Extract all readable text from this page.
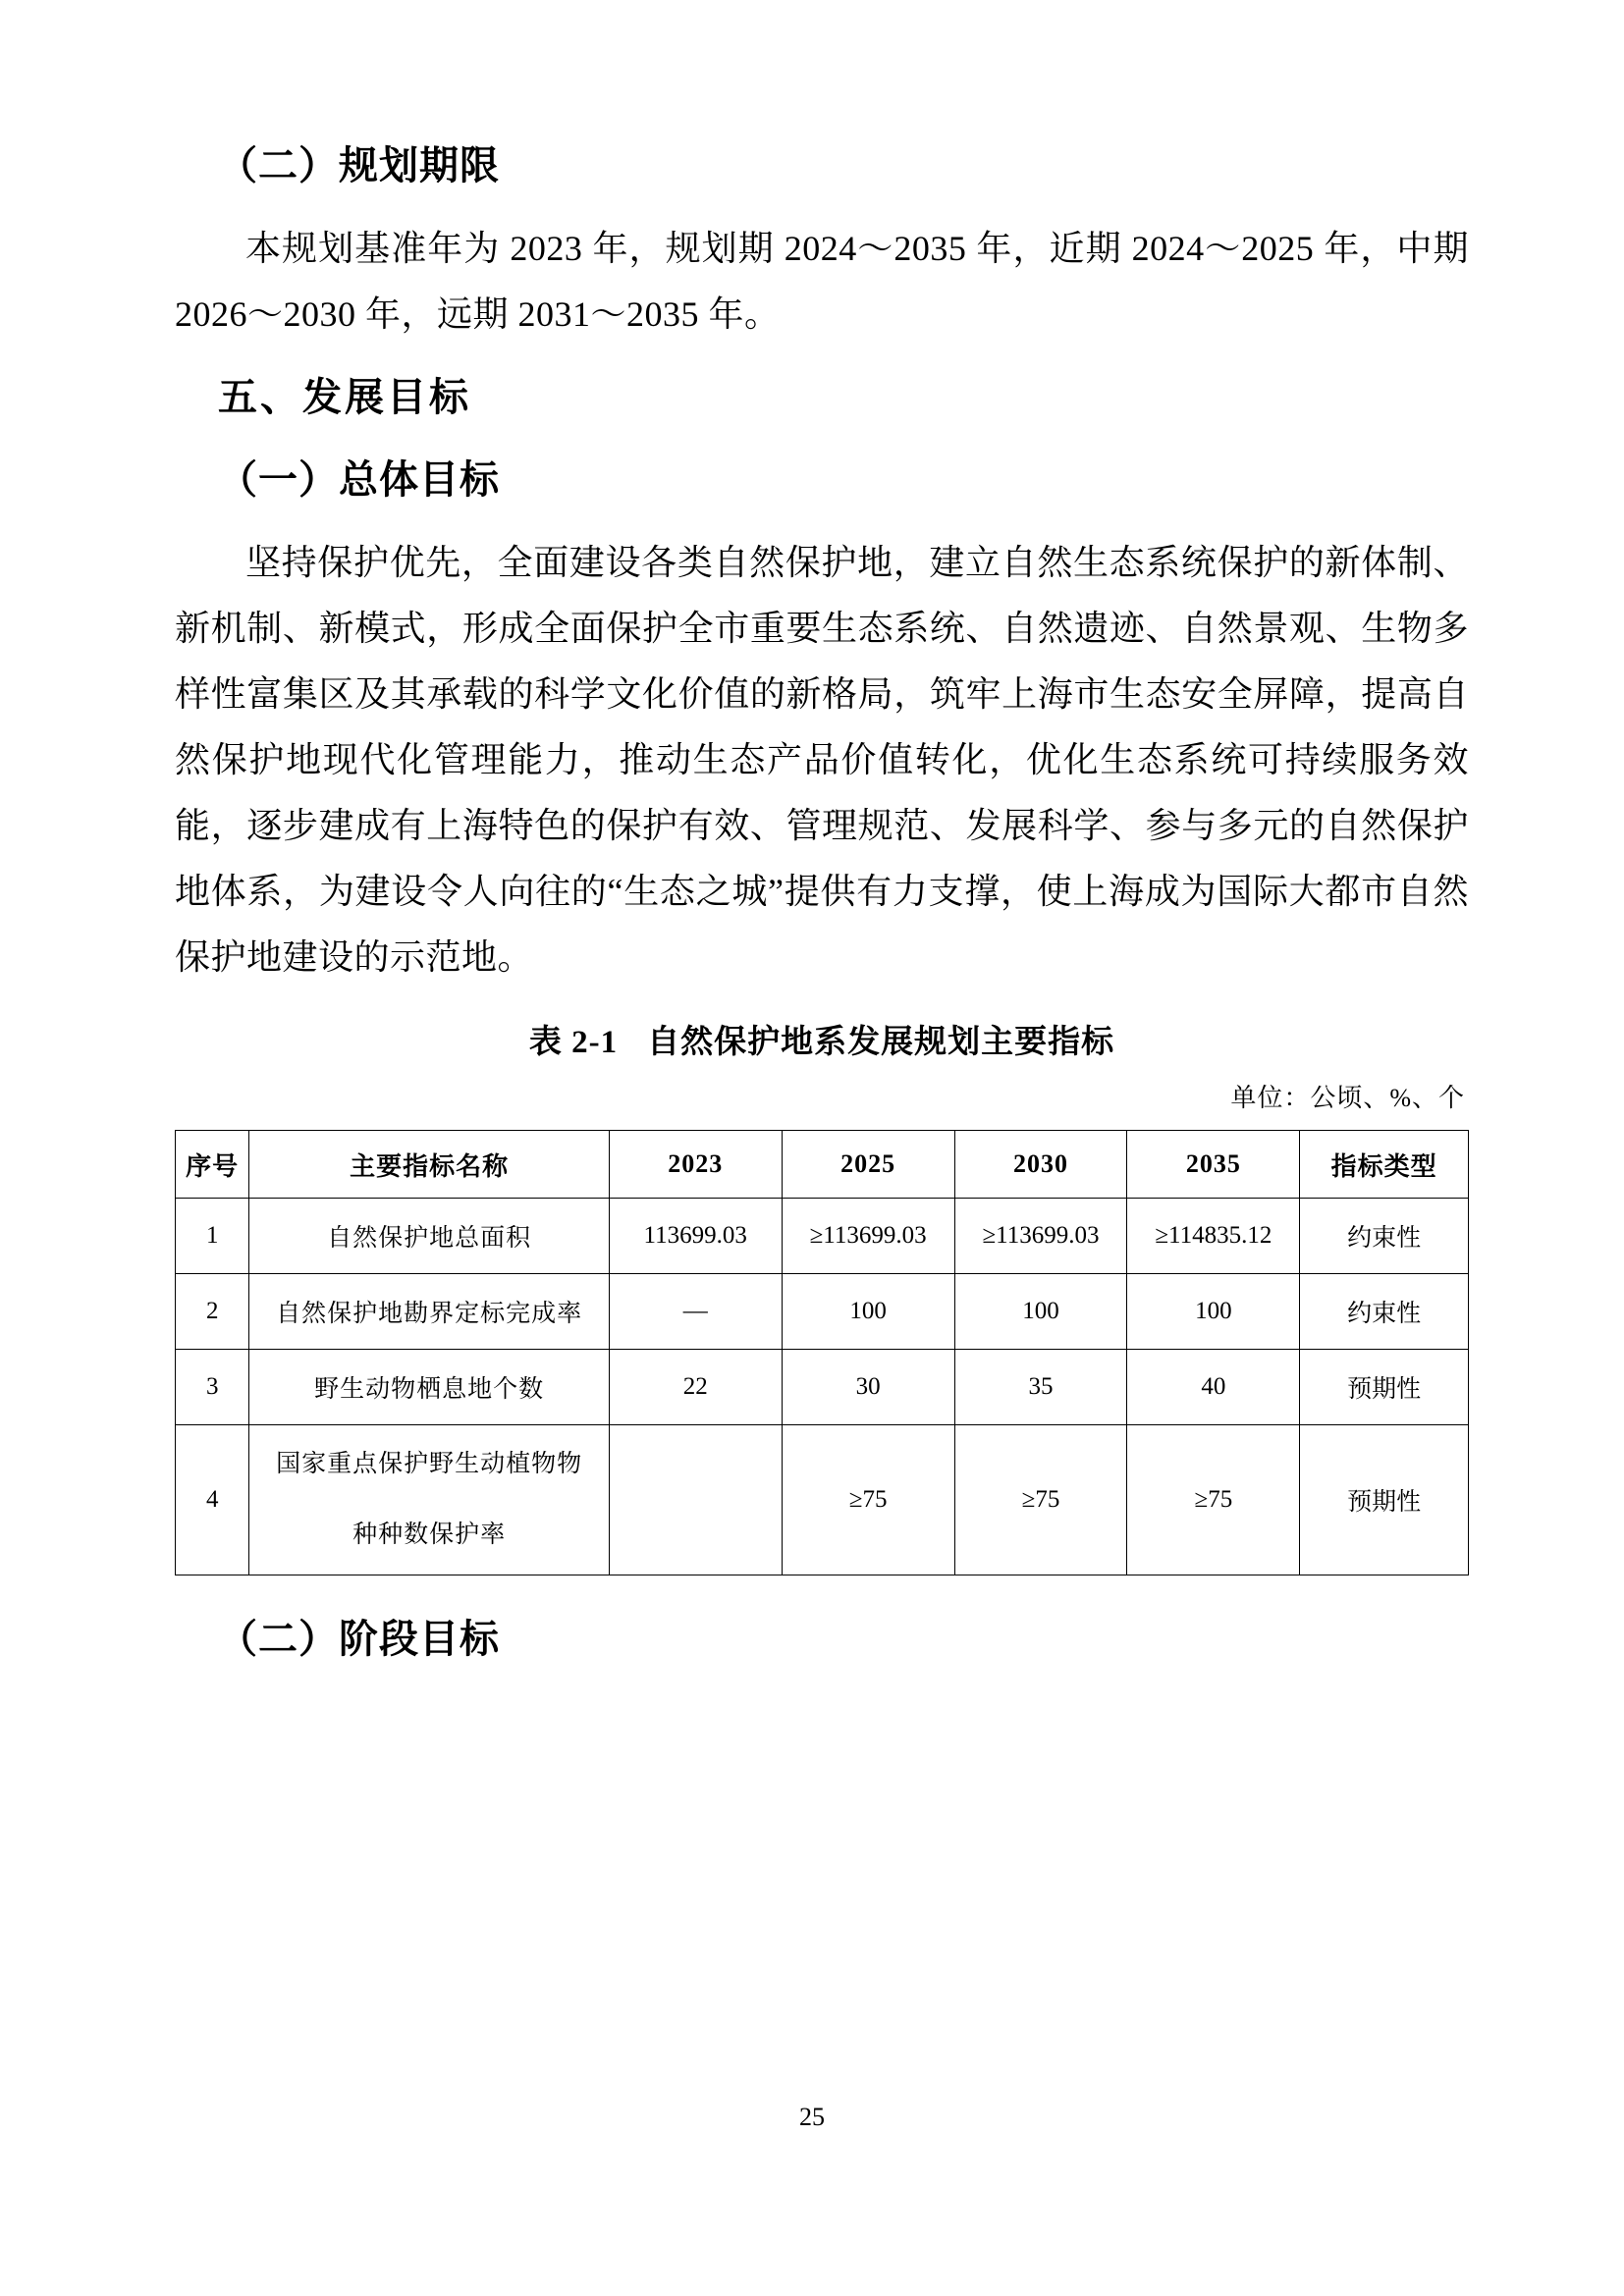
（二）规划期限

本规划基准年为 2023 年，规划期 2024～2035 年，近期 2024～2025 年，中期 2026～2030 年，远期 2031～2035 年。

五、发展目标
（一）总体目标

坚持保护优先，全面建设各类自然保护地，建立自然生态系统保护的新体制、新机制、新模式，形成全面保护全市重要生态系统、自然遗迹、自然景观、生物多样性富集区及其承载的科学文化价值的新格局，筑牢上海市生态安全屏障，提高自然保护地现代化管理能力，推动生态产品价值转化，优化生态系统可持续服务效能，逐步建成有上海特色的保护有效、管理规范、发展科学、参与多元的自然保护地体系，为建设令人向往的“生态之城”提供有力支撑，使上海成为国际大都市自然保护地建设的示范地。

表 2-1 自然保护地系发展规划主要指标

单位：公顷、%、个

序号	主要指标名称	2023	2025	2030	2035	指标类型
1	自然保护地总面积	113699.03	≥113699.03	≥113699.03	≥114835.12	约束性
2	自然保护地勘界定标完成率	—	100	100	100	约束性
3	野生动物栖息地个数	22	30	35	40	预期性
4	国家重点保护野生动植物物
种种数保护率		≥75	≥75	≥75	预期性
（二）阶段目标
25
